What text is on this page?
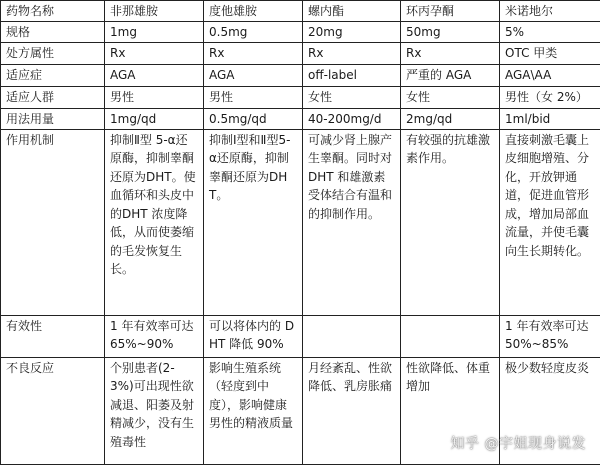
药物名称	非那雄胺	度他雄胺	螺内酯	环丙孕酮	米诺地尔
规格	1mg	0.5mg	20mg	50mg	5%
处方属性	Rx	Rx	Rx	Rx	OTC 甲类
适应症	AGA	AGA	off-label	严重的 AGA	AGA\AA
适应人群	男性	男性	女性	女性	男性（女 2%）
用法用量	1mg/qd	0.5mg/qd	40-200mg/d	2mg/qd	1ml/bid
作用机制	抑制Ⅱ型 5-α还原酶，抑制睾酮还原为DHT。使血循环和头皮中的DHT 浓度降低，从而使萎缩的毛发恢复生长。	抑制Ⅰ型和Ⅱ型5-α还原酶，抑制睾酮还原为DHT。	可减少肾上腺产生睾酮。同时对 DHT 和雄激素受体结合有温和的抑制作用。	有较强的抗雄激素作用。	直接刺激毛囊上皮细胞增殖、分化，开放钾通道，促进血管形成，增加局部血流量，并使毛囊向生长期转化。
有效性	1 年有效率可达 65%~90%	可以将体内的 DHT 降低 90%			1 年有效率可达 50%~85%
不良反应	个别患者(2-3%)可出现性欲减退、阳萎及射精减少，没有生殖毒性	影响生殖系统（轻度到中度），影响健康男性的精液质量	月经紊乱、性欲降低、乳房胀痛	性欲降低、体重增加	极少数轻度皮炎
知乎 @宇姐现身说发
